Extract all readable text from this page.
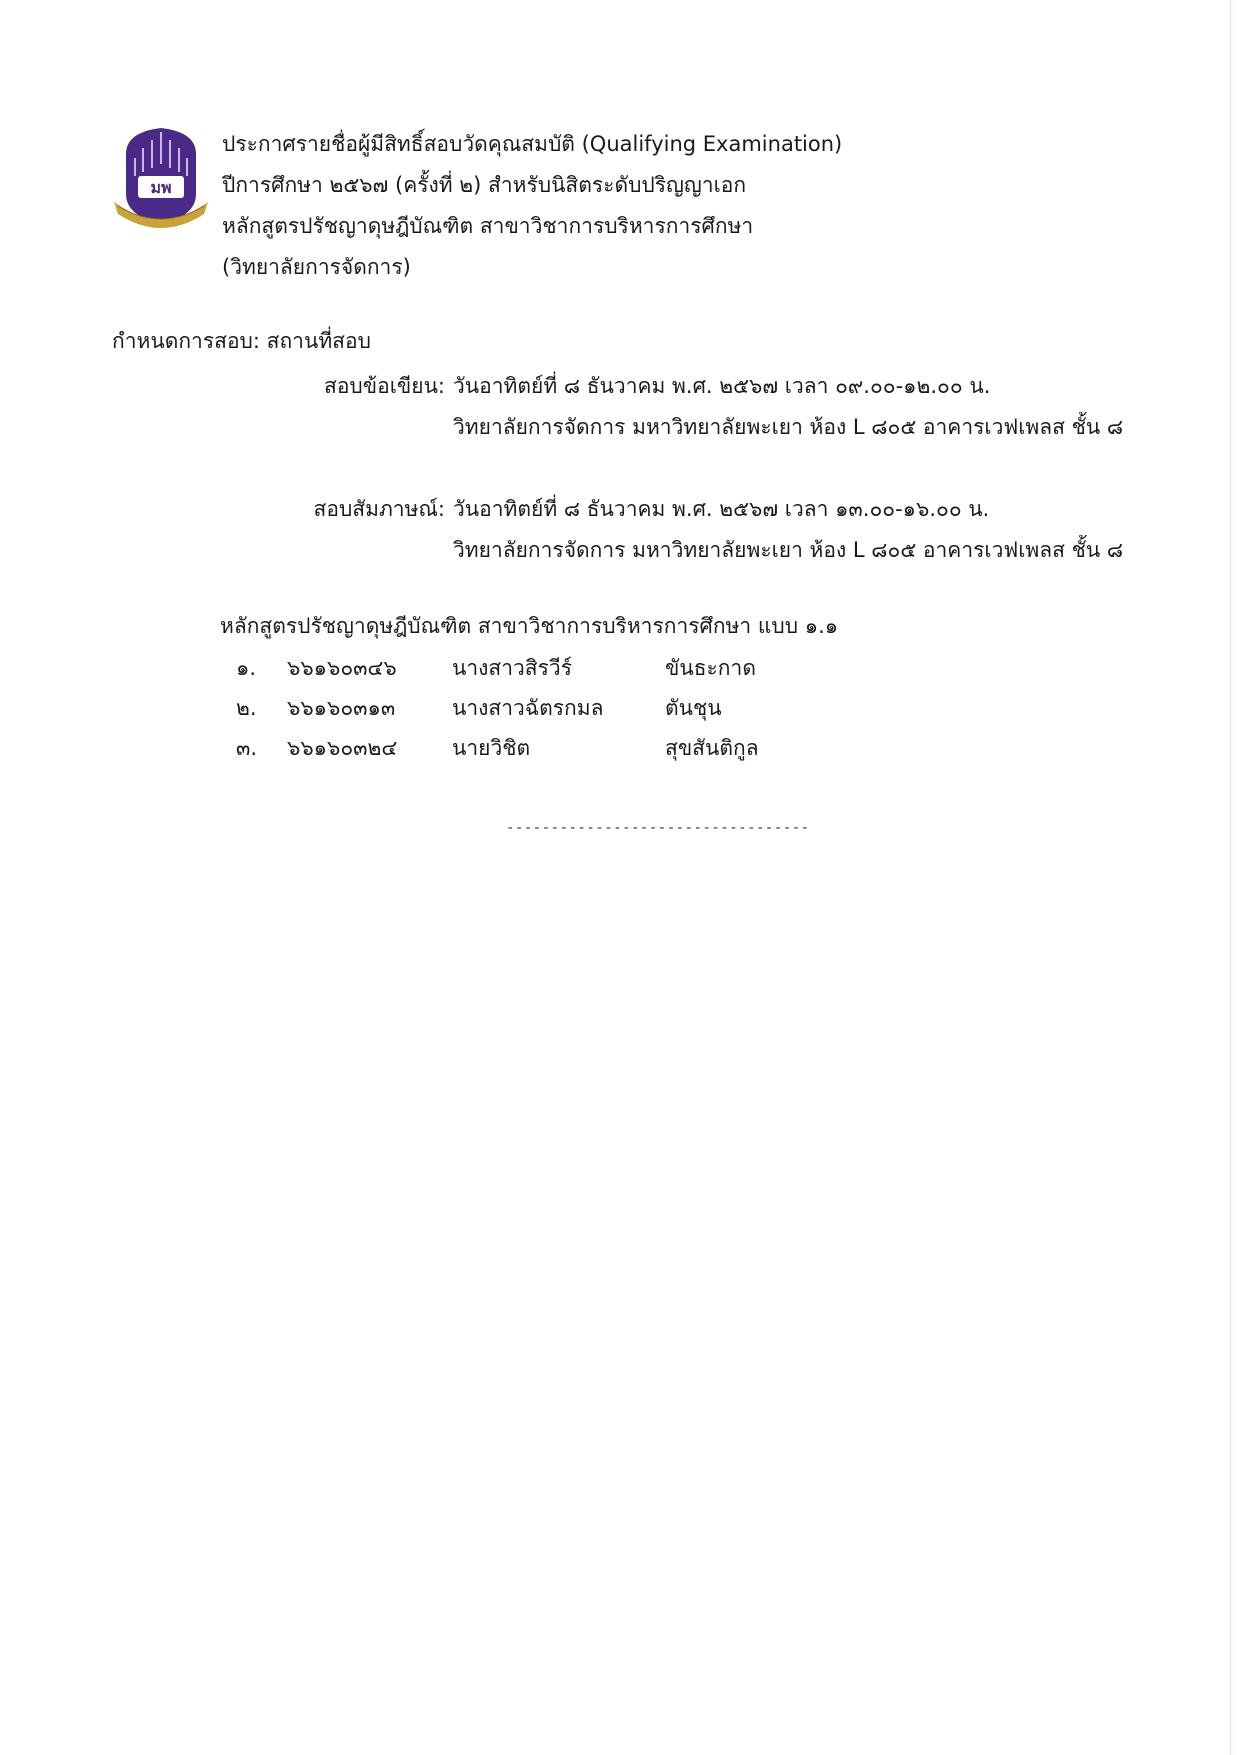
มพ
ประกาศรายชื่อผู้มีสิทธิ์สอบวัดคุณสมบัติ (Qualifying Examination)
ปีการศึกษา ๒๕๖๗ (ครั้งที่ ๒) สำหรับนิสิตระดับปริญญาเอก
หลักสูตรปรัชญาดุษฎีบัณฑิต สาขาวิชาการบริหารการศึกษา
(วิทยาลัยการจัดการ)
กำหนดการสอบ: สถานที่สอบ
สอบข้อเขียน: วันอาทิตย์ที่ ๘ ธันวาคม พ.ศ. ๒๕๖๗ เวลา ๐๙.๐๐-๑๒.๐๐ น.
วิทยาลัยการจัดการ มหาวิทยาลัยพะเยา ห้อง L ๘๐๕ อาคารเวฟเพลส ชั้น ๘
สอบสัมภาษณ์: วันอาทิตย์ที่ ๘ ธันวาคม พ.ศ. ๒๕๖๗ เวลา ๑๓.๐๐-๑๖.๐๐ น.
วิทยาลัยการจัดการ มหาวิทยาลัยพะเยา ห้อง L ๘๐๕ อาคารเวฟเพลส ชั้น ๘
หลักสูตรปรัชญาดุษฎีบัณฑิต สาขาวิชาการบริหารการศึกษา แบบ ๑.๑
๑. ๖๖๑๖๐๓๔๖	นางสาวสิรวีร์	ขันธะกาด
๒. ๖๖๑๖๐๓๑๓	นางสาวฉัตรกมล	ตันชุน
๓. ๖๖๑๖๐๓๒๔	นายวิชิต	สุขสันติกูล
----------------------------------
